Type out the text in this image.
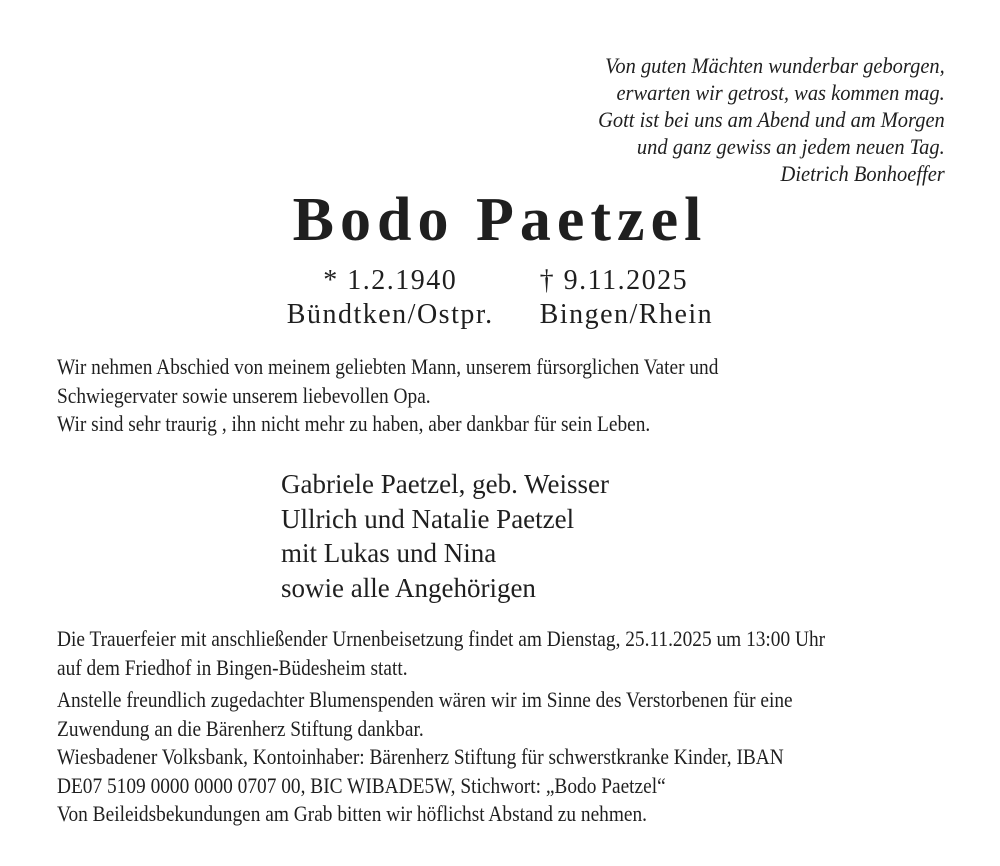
Von guten Mächten wunderbar geborgen,
erwarten wir getrost, was kommen mag.
Gott ist bei uns am Abend und am Morgen
und ganz gewiss an jedem neuen Tag.
Dietrich Bonhoeffer
Bodo Paetzel
* 1.2.1940
Bündtken/Ostpr.
† 9.11.2025
Bingen/Rhein
Wir nehmen Abschied von meinem geliebten Mann, unserem fürsorglichen Vater und
Schwiegervater sowie unserem liebevollen Opa.
Wir sind sehr traurig , ihn nicht mehr zu haben, aber dankbar für sein Leben.
Gabriele Paetzel, geb. Weisser
Ullrich und Natalie Paetzel
mit Lukas und Nina
sowie alle Angehörigen
Die Trauerfeier mit anschließender Urnenbeisetzung findet am Dienstag, 25.11.2025 um 13:00 Uhr
auf dem Friedhof in Bingen-Büdesheim statt.
Anstelle freundlich zugedachter Blumenspenden wären wir im Sinne des Verstorbenen für eine
Zuwendung an die Bärenherz Stiftung dankbar.
Wiesbadener Volksbank, Kontoinhaber: Bärenherz Stiftung für schwerstkranke Kinder, IBAN
DE07 5109 0000 0000 0707 00, BIC WIBADE5W, Stichwort: „Bodo Paetzel“
Von Beileidsbekundungen am Grab bitten wir höflichst Abstand zu nehmen.
